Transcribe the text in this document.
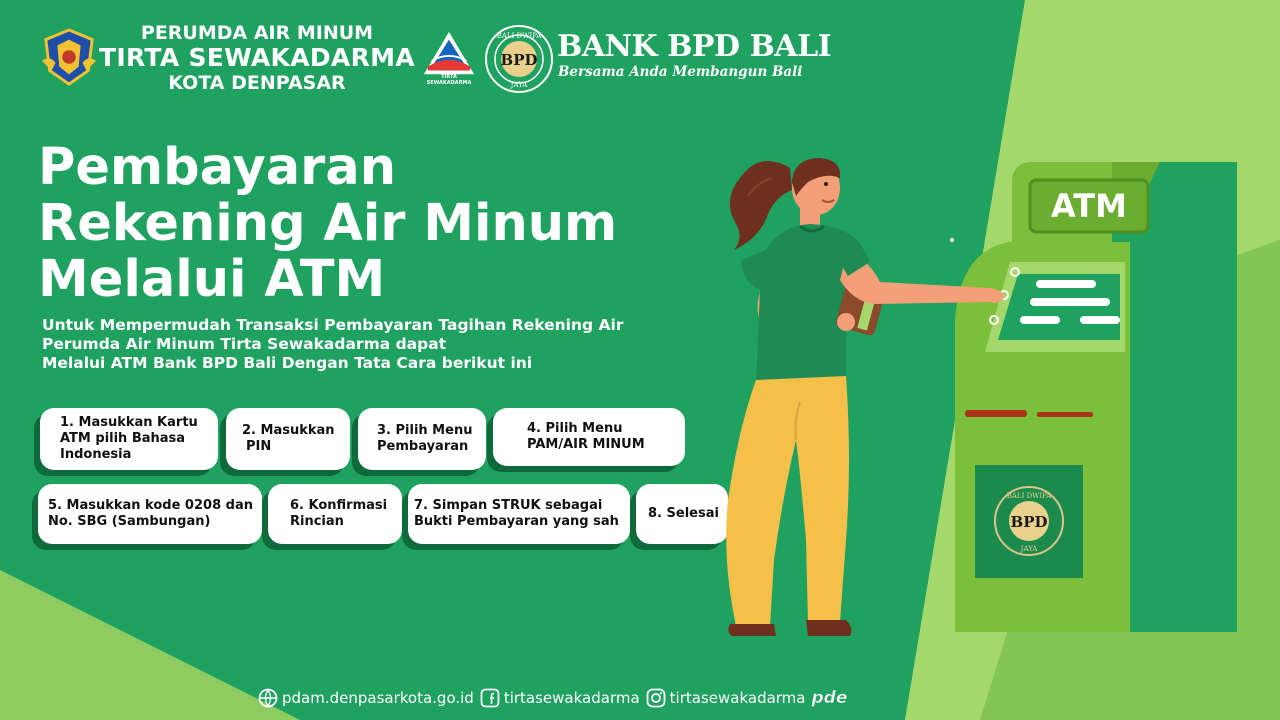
PERUMDA AIR MINUM
TIRTA SEWAKADARMA
KOTA DENPASAR	TIRTA SEWAKADARMA
BPD
BALI DWIPA
JAYA
BANK BPD BALI
Bersama Anda Membangun Bali
Pembayaran
Rekening Air Minum
Melalui ATM
Untuk Mempermudah Transaksi Pembayaran Tagihan Rekening Air
Perumda Air Minum Tirta Sewakadarma dapat
Melalui ATM Bank BPD Bali Dengan Tata Cara berikut ini
1. Masukkan Kartu
ATM pilih Bahasa
Indonesia
2. Masukkan
PIN
3. Pilih Menu
Pembayaran
4. Pilih Menu
PAM/AIR MINUM
5. Masukkan kode 0208 dan
No. SBG (Sambungan)
6. Konfirmasi
Rincian
7. Simpan STRUK sebagai
Bukti Pembayaran yang sah
8. Selesai
ATM
BPD
BALI DWIPA
JAYA
pdam.denpasarkota.go.id tirtasewakadarma tirtasewakadarma pde
